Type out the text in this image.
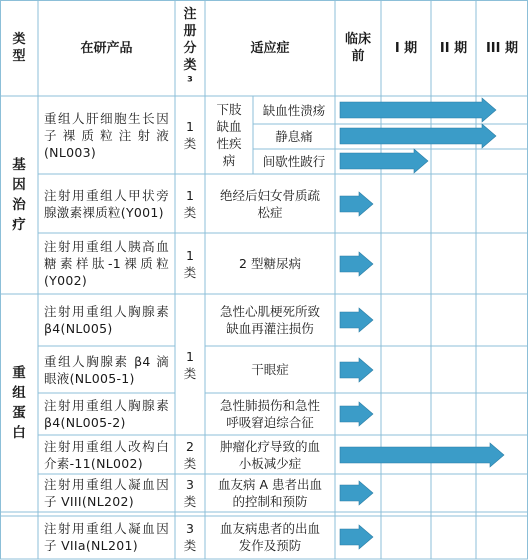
类型
在研产品
注册分类³
适应症
临床前
I 期	II 期	III 期
基
因
治
疗
重
组
蛋
白
重组人肝细胞生长因子裸质粒注射液(NL003)
1类
下肢
缺血
性疾
病
缺血性溃疡
静息痛
间歇性跛行
注射用重组人甲状旁腺激素裸质粒(Y001)
1类
绝经后妇女骨质疏松症
注射用重组人胰高血糖素样肽-1裸质粒(Y002)
1类
2 型糖尿病
注射用重组人胸腺素 β4(NL005)
重组人胸腺素 β4 滴眼液(NL005-1)
注射用重组人胸腺素 β4(NL005-2)
1类
急性心肌梗死所致缺血再灌注损伤
干眼症
急性肺损伤和急性呼吸窘迫综合征
注射用重组人改构白介素-11(NL002)
2类
肿瘤化疗导致的血小板减少症
注射用重组人凝血因子 VIII(NL202)
3类
血友病 A 患者出血的控制和预防
注射用重组人凝血因子 VIIa(NL201)
3类
血友病患者的出血发作及预防
